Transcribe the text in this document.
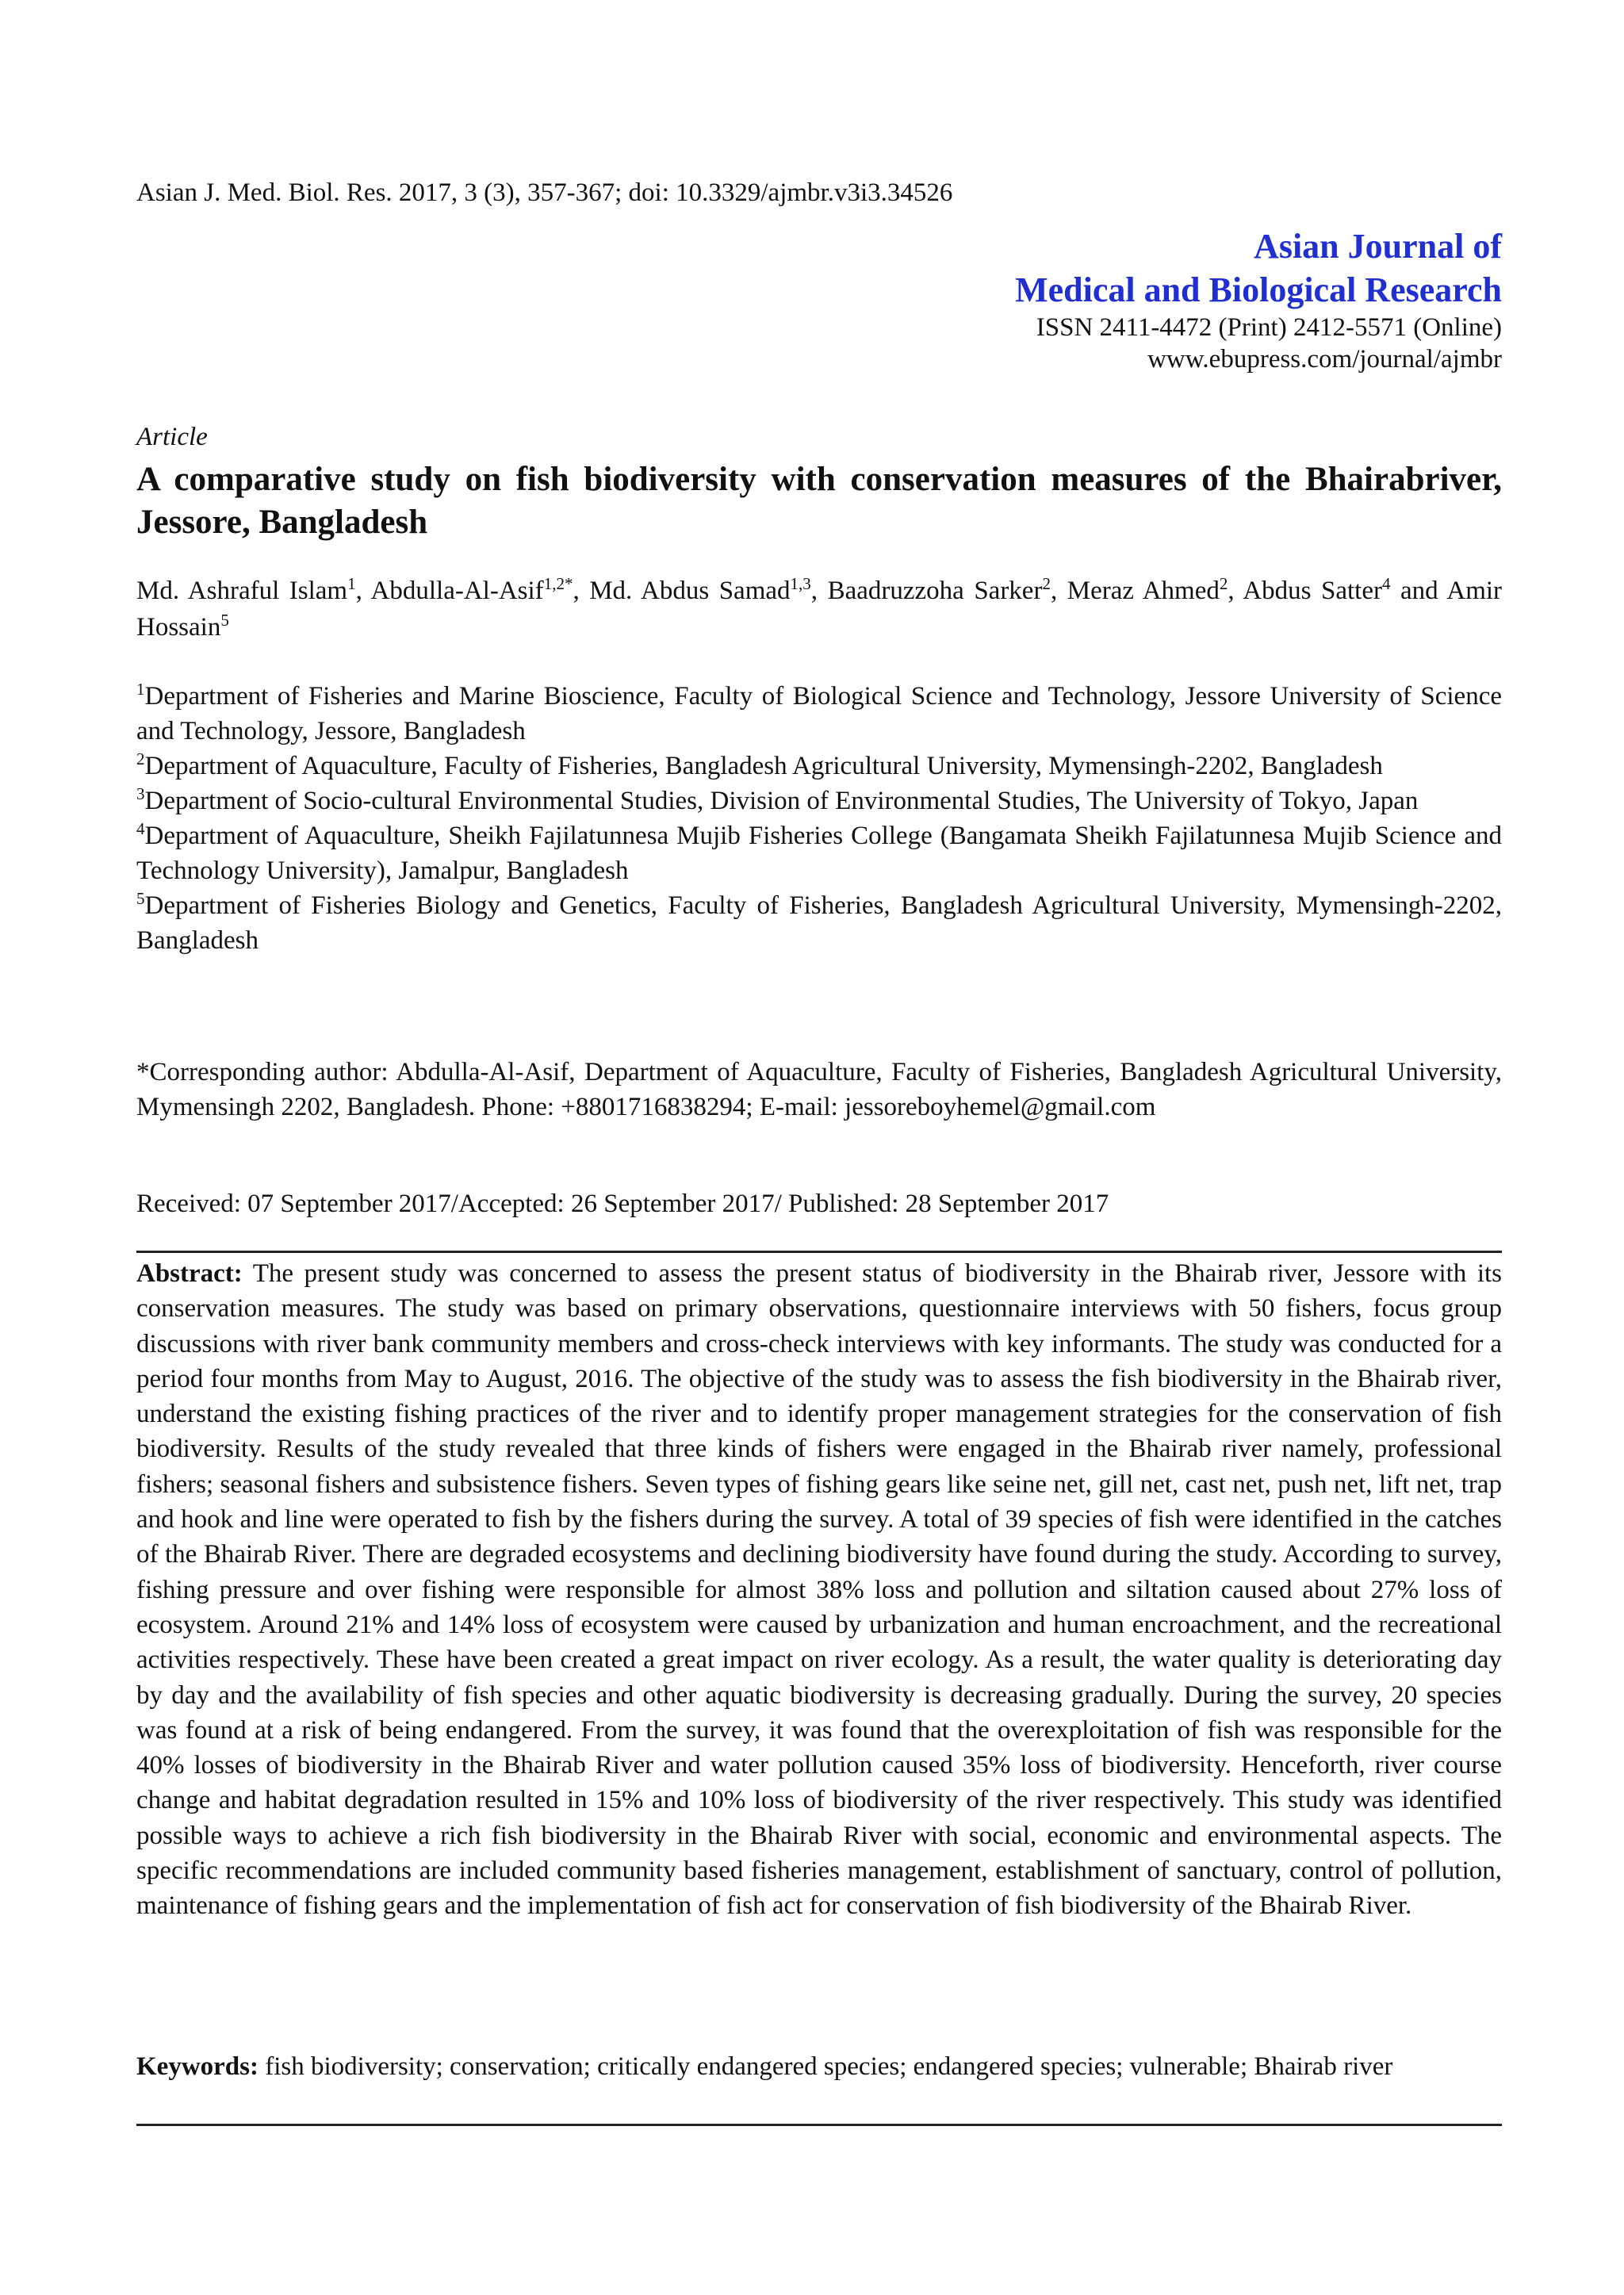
Asian J. Med. Biol. Res. 2017, 3 (3), 357-367; doi: 10.3329/ajmbr.v3i3.34526
Asian Journal of
Medical and Biological Research
ISSN 2411-4472 (Print) 2412-5571 (Online)
www.ebupress.com/journal/ajmbr
Article
A comparative study on fish biodiversity with conservation measures of the Bhairabriver, Jessore, Bangladesh
Md. Ashraful Islam$^1$, Abdulla-Al-Asif$^{1,2*}$, Md. Abdus Samad$^{1,3}$, Baadruzzoha Sarker$^2$, Meraz Ahmed$^2$, Abdus Satter$^4$ and Amir Hossain$^5$
$^1$Department of Fisheries and Marine Bioscience, Faculty of Biological Science and Technology, Jessore University of Science and Technology, Jessore, Bangladesh
$^2$Department of Aquaculture, Faculty of Fisheries, Bangladesh Agricultural University, Mymensingh-2202, Bangladesh
$^3$Department of Socio-cultural Environmental Studies, Division of Environmental Studies, The University of Tokyo, Japan
$^4$Department of Aquaculture, Sheikh Fajilatunnesa Mujib Fisheries College (Bangamata Sheikh Fajilatunnesa Mujib Science and Technology University), Jamalpur, Bangladesh
$^5$Department of Fisheries Biology and Genetics, Faculty of Fisheries, Bangladesh Agricultural University, Mymensingh-2202, Bangladesh
*Corresponding author: Abdulla-Al-Asif, Department of Aquaculture, Faculty of Fisheries, Bangladesh Agricultural University, Mymensingh 2202, Bangladesh. Phone: +8801716838294; E-mail: jessoreboyhemel@gmail.com
Received: 07 September 2017/Accepted: 26 September 2017/ Published: 28 September 2017
Abstract: The present study was concerned to assess the present status of biodiversity in the Bhairab river, Jessore with its conservation measures. The study was based on primary observations, questionnaire interviews with 50 fishers, focus group discussions with river bank community members and cross-check interviews with key informants. The study was conducted for a period four months from May to August, 2016. The objective of the study was to assess the fish biodiversity in the Bhairab river, understand the existing fishing practices of the river and to identify proper management strategies for the conservation of fish biodiversity. Results of the study revealed that three kinds of fishers were engaged in the Bhairab river namely, professional fishers; seasonal fishers and subsistence fishers. Seven types of fishing gears like seine net, gill net, cast net, push net, lift net, trap and hook and line were operated to fish by the fishers during the survey. A total of 39 species of fish were identified in the catches of the Bhairab River. There are degraded ecosystems and declining biodiversity have found during the study. According to survey, fishing pressure and over fishing were responsible for almost 38% loss and pollution and siltation caused about 27% loss of ecosystem. Around 21% and 14% loss of ecosystem were caused by urbanization and human encroachment, and the recreational activities respectively. These have been created a great impact on river ecology. As a result, the water quality is deteriorating day by day and the availability of fish species and other aquatic biodiversity is decreasing gradually. During the survey, 20 species was found at a risk of being endangered. From the survey, it was found that the overexploitation of fish was responsible for the 40% losses of biodiversity in the Bhairab River and water pollution caused 35% loss of biodiversity. Henceforth, river course change and habitat degradation resulted in 15% and 10% loss of biodiversity of the river respectively. This study was identified possible ways to achieve a rich fish biodiversity in the Bhairab River with social, economic and environmental aspects. The specific recommendations are included community based fisheries management, establishment of sanctuary, control of pollution, maintenance of fishing gears and the implementation of fish act for conservation of fish biodiversity of the Bhairab River.
Keywords: fish biodiversity; conservation; critically endangered species; endangered species; vulnerable; Bhairab river
